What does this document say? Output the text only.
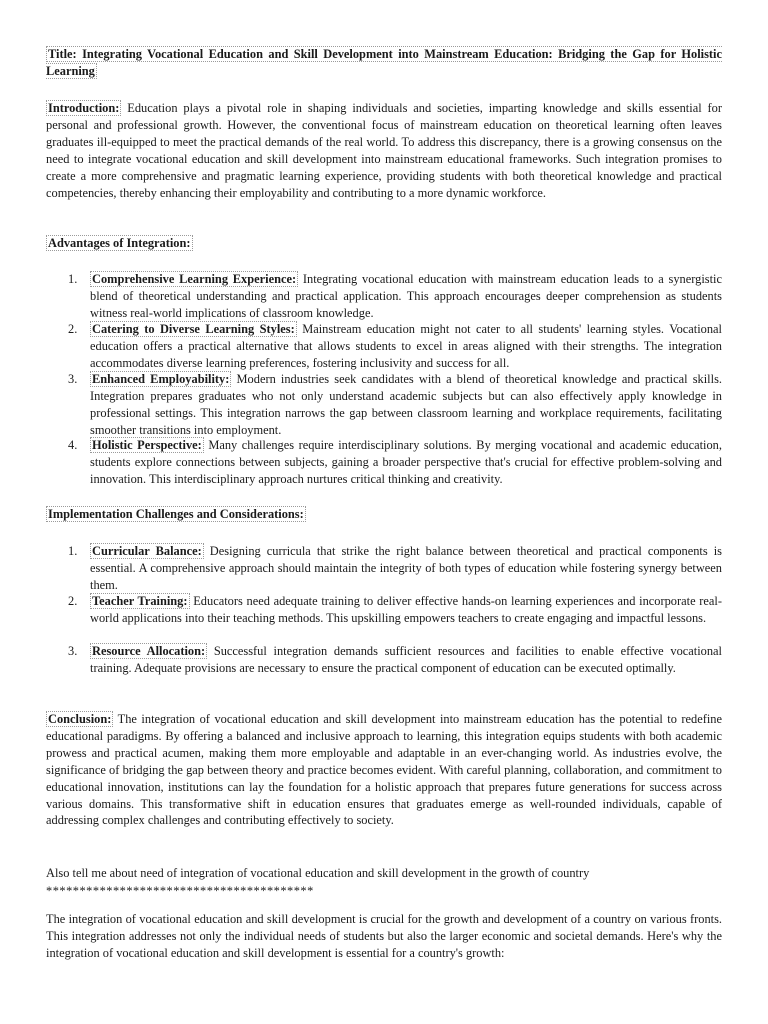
Title: Integrating Vocational Education and Skill Development into Mainstream Education: Bridging the Gap for Holistic Learning

Introduction: Education plays a pivotal role in shaping individuals and societies, imparting knowledge and skills essential for personal and professional growth. However, the conventional focus of mainstream education on theoretical learning often leaves graduates ill-equipped to meet the practical demands of the real world. To address this discrepancy, there is a growing consensus on the need to integrate vocational education and skill development into mainstream educational frameworks. Such integration promises to create a more comprehensive and pragmatic learning experience, providing students with both theoretical knowledge and practical competencies, thereby enhancing their employability and contributing to a more dynamic workforce.

Advantages of Integration:

1. Comprehensive Learning Experience: Integrating vocational education with mainstream education leads to a synergistic blend of theoretical understanding and practical application. This approach encourages deeper comprehension as students witness real-world implications of classroom knowledge.
2. Catering to Diverse Learning Styles: Mainstream education might not cater to all students' learning styles. Vocational education offers a practical alternative that allows students to excel in areas aligned with their strengths. The integration accommodates diverse learning preferences, fostering inclusivity and success for all.
3. Enhanced Employability: Modern industries seek candidates with a blend of theoretical knowledge and practical skills. Integration prepares graduates who not only understand academic subjects but can also effectively apply knowledge in professional settings. This integration narrows the gap between classroom learning and workplace requirements, facilitating smoother transitions into employment.
4. Holistic Perspective: Many challenges require interdisciplinary solutions. By merging vocational and academic education, students explore connections between subjects, gaining a broader perspective that's crucial for effective problem-solving and innovation. This interdisciplinary approach nurtures critical thinking and creativity.

Implementation Challenges and Considerations:

1. Curricular Balance: Designing curricula that strike the right balance between theoretical and practical components is essential. A comprehensive approach should maintain the integrity of both types of education while fostering synergy between them.
2. Teacher Training: Educators need adequate training to deliver effective hands-on learning experiences and incorporate real-world applications into their teaching methods. This upskilling empowers teachers to create engaging and impactful lessons.
3. Resource Allocation: Successful integration demands sufficient resources and facilities to enable effective vocational training. Adequate provisions are necessary to ensure the practical component of education can be executed optimally.

Conclusion: The integration of vocational education and skill development into mainstream education has the potential to redefine educational paradigms. By offering a balanced and inclusive approach to learning, this integration equips students with both academic prowess and practical acumen, making them more employable and adaptable in an ever-changing world. As industries evolve, the significance of bridging the gap between theory and practice becomes evident. With careful planning, collaboration, and commitment to educational innovation, institutions can lay the foundation for a holistic approach that prepares future generations for success across various domains. This transformative shift in education ensures that graduates emerge as well-rounded individuals, capable of addressing complex challenges and contributing effectively to society.

Also tell me about need of integration of vocational education and skill development in the growth of country

****************************************

The integration of vocational education and skill development is crucial for the growth and development of a country on various fronts. This integration addresses not only the individual needs of students but also the larger economic and societal demands. Here's why the integration of vocational education and skill development is essential for a country's growth:
